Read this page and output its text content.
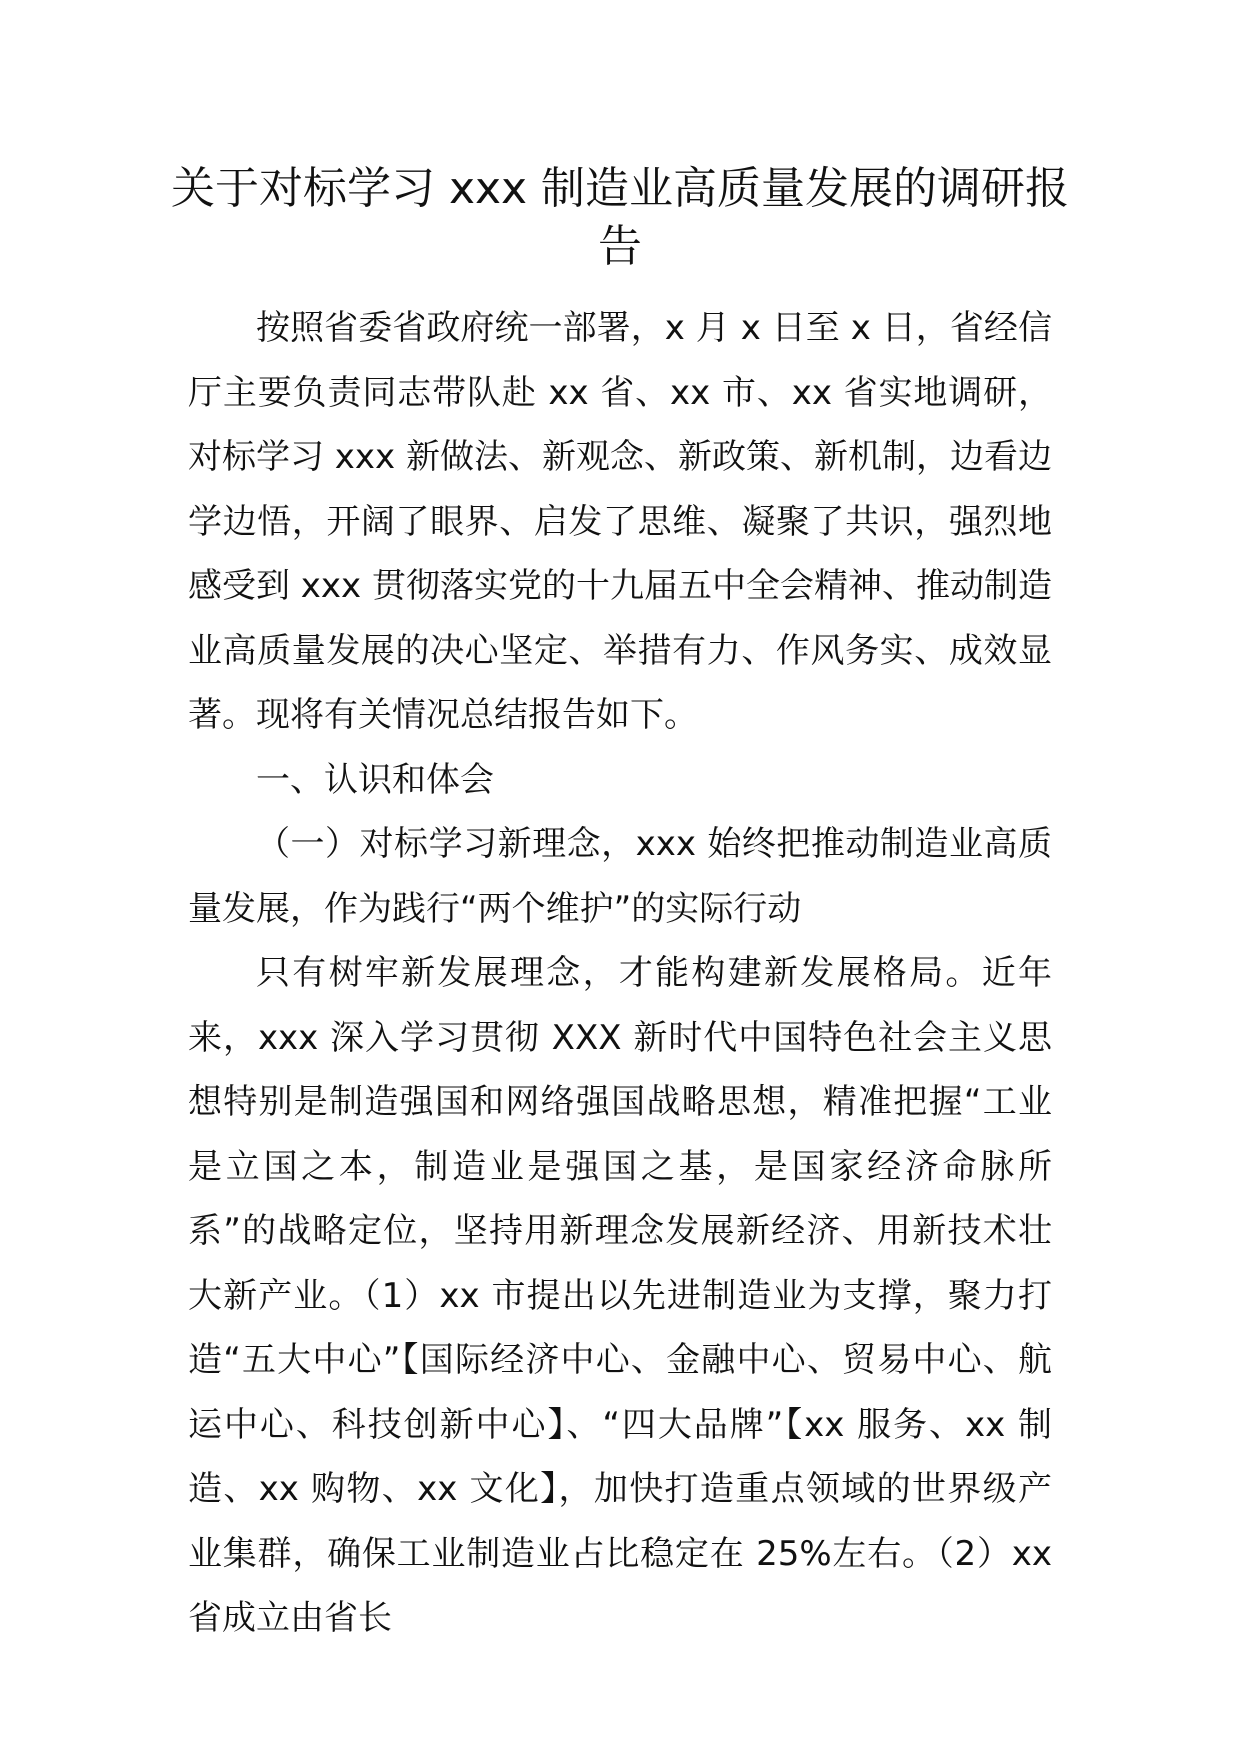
关于对标学习 xxx 制造业高质量发展的调研报告

按照省委省政府统一部署，x 月 x 日至 x 日，省经信厅主要负责同志带队赴 xx 省、xx 市、xx 省实地调研，对标学习 xxx 新做法、新观念、新政策、新机制，边看边学边悟，开阔了眼界、启发了思维、凝聚了共识，强烈地感受到 xxx 贯彻落实党的十九届五中全会精神、推动制造业高质量发展的决心坚定、举措有力、作风务实、成效显著。现将有关情况总结报告如下。

一、认识和体会

（一）对标学习新理念，xxx 始终把推动制造业高质量发展，作为践行“两个维护”的实际行动

只有树牢新发展理念，才能构建新发展格局。近年来，xxx 深入学习贯彻 XXX 新时代中国特色社会主义思想特别是制造强国和网络强国战略思想，精准把握“工业是立国之本，制造业是强国之基，是国家经济命脉所系”的战略定位，坚持用新理念发展新经济、用新技术壮大新产业。（1）xx 市提出以先进制造业为支撑，聚力打造“五大中心”【国际经济中心、金融中心、贸易中心、航运中心、科技创新中心】、“四大品牌”【xx 服务、xx 制造、xx 购物、xx 文化】，加快打造重点领域的世界级产业集群，确保工业制造业占比稳定在 25%左右。（2）xx 省成立由省长
